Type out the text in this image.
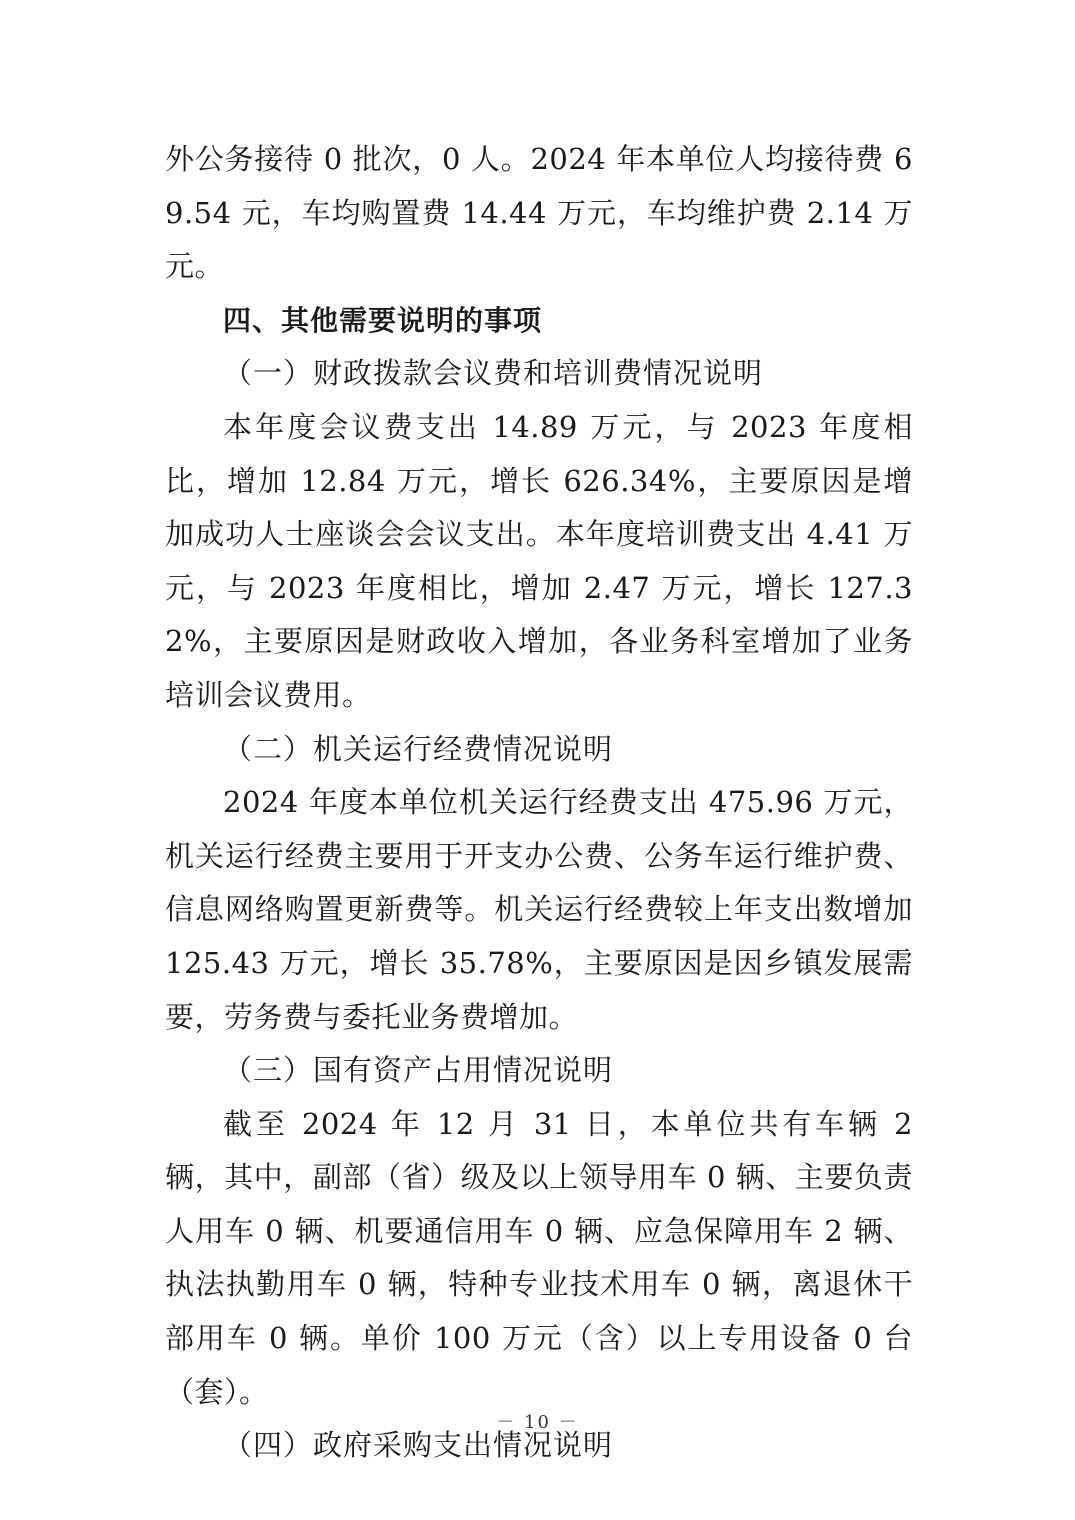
外公务接待 0 批次，0 人。2024 年本单位人均接待费 69.54 元，车均购置费 14.44 万元，车均维护费 2.14 万元。

四、其他需要说明的事项

（一）财政拨款会议费和培训费情况说明

本年度会议费支出 14.89 万元，与 2023 年度相比，增加 12.84 万元，增长 626.34%，主要原因是增加成功人士座谈会会议支出。本年度培训费支出 4.41 万元，与 2023 年度相比，增加 2.47 万元，增长 127.32%，主要原因是财政收入增加，各业务科室增加了业务培训会议费用。

（二）机关运行经费情况说明

2024 年度本单位机关运行经费支出 475.96 万元，机关运行经费主要用于开支办公费、公务车运行维护费、信息网络购置更新费等。机关运行经费较上年支出数增加 125.43 万元，增长 35.78%，主要原因是因乡镇发展需要，劳务费与委托业务费增加。

（三）国有资产占用情况说明

截至 2024 年 12 月 31 日，本单位共有车辆 2 辆，其中，副部（省）级及以上领导用车 0 辆、主要负责人用车 0 辆、机要通信用车 0 辆、应急保障用车 2 辆、执法执勤用车 0 辆，特种专业技术用车 0 辆，离退休干部用车 0 辆。单价 100 万元（含）以上专用设备 0 台（套）。

（四）政府采购支出情况说明

－ 10 －
